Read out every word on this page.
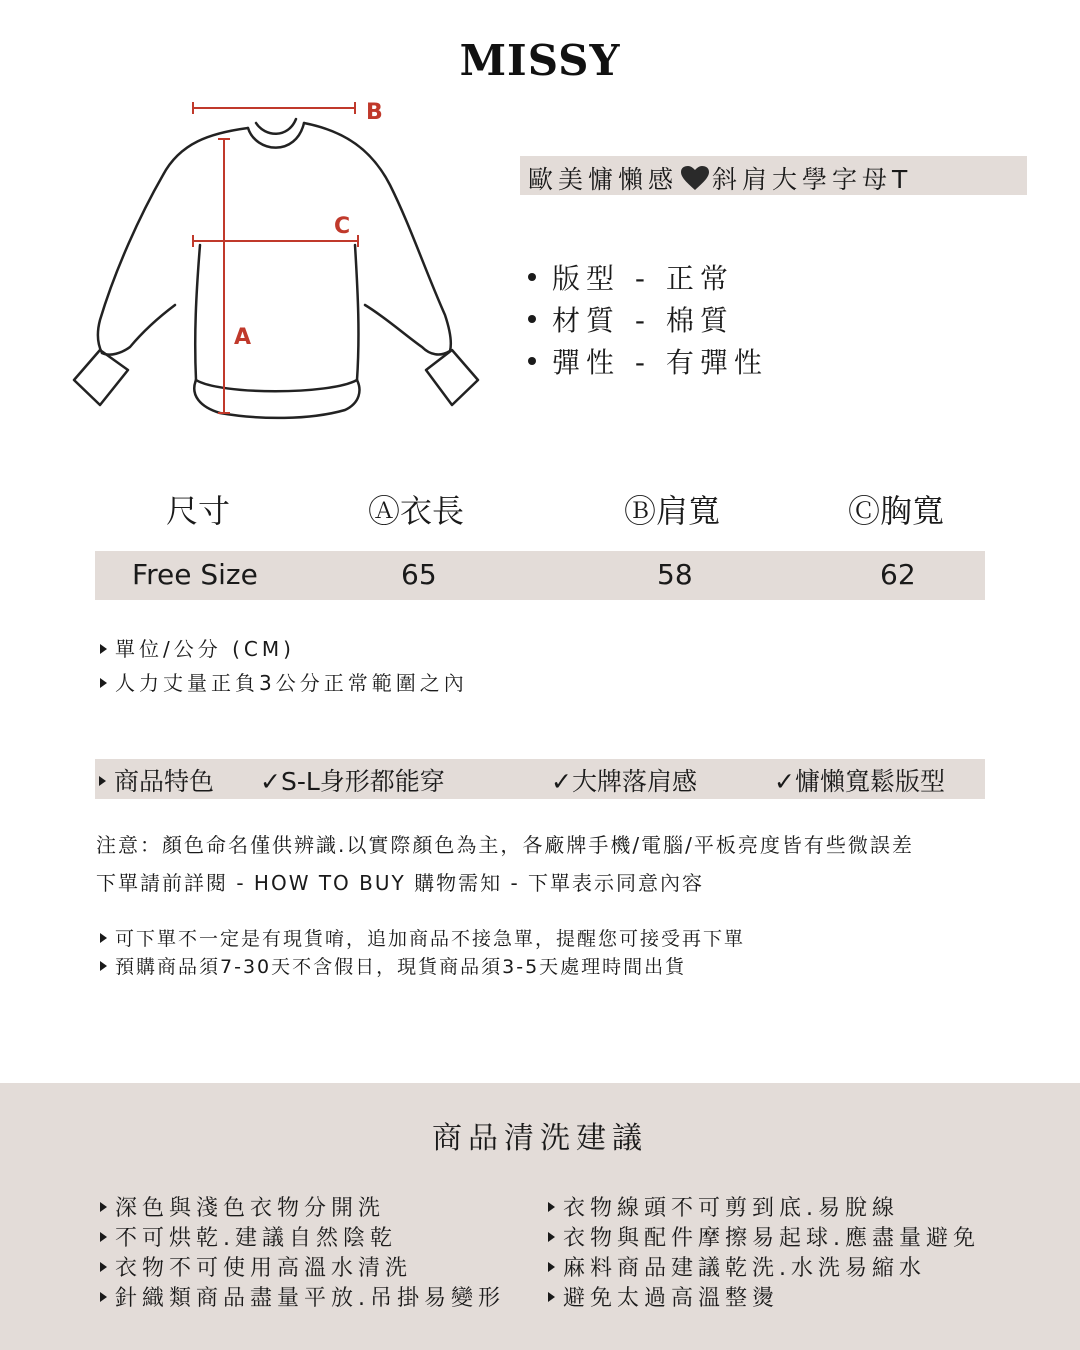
MISSY
B
C
A
歐美慵懶感 斜肩大學字母T
版型 - 正常
材質 - 棉質
彈性 - 有彈性
尺寸	Ⓐ衣長	Ⓑ肩寬	Ⓒ胸寬
Free Size	65	58	62
單位/公分 (CM)
人力丈量正負3公分正常範圍之內
商品特色 ✓S-L身形都能穿	✓大牌落肩感	✓慵懶寬鬆版型
注意：顏色命名僅供辨識.以實際顏色為主，各廠牌手機/電腦/平板亮度皆有些微誤差
下單請前詳閱 - HOW TO BUY 購物需知 - 下單表示同意內容
可下單不一定是有現貨唷，追加商品不接急單，提醒您可接受再下單
預購商品須7-30天不含假日，現貨商品須3-5天處理時間出貨
商品清洗建議
深色與淺色衣物分開洗
不可烘乾.建議自然陰乾
衣物不可使用高溫水清洗
針織類商品盡量平放.吊掛易變形
衣物線頭不可剪到底.易脫線
衣物與配件摩擦易起球.應盡量避免
麻料商品建議乾洗.水洗易縮水
避免太過高溫整燙
